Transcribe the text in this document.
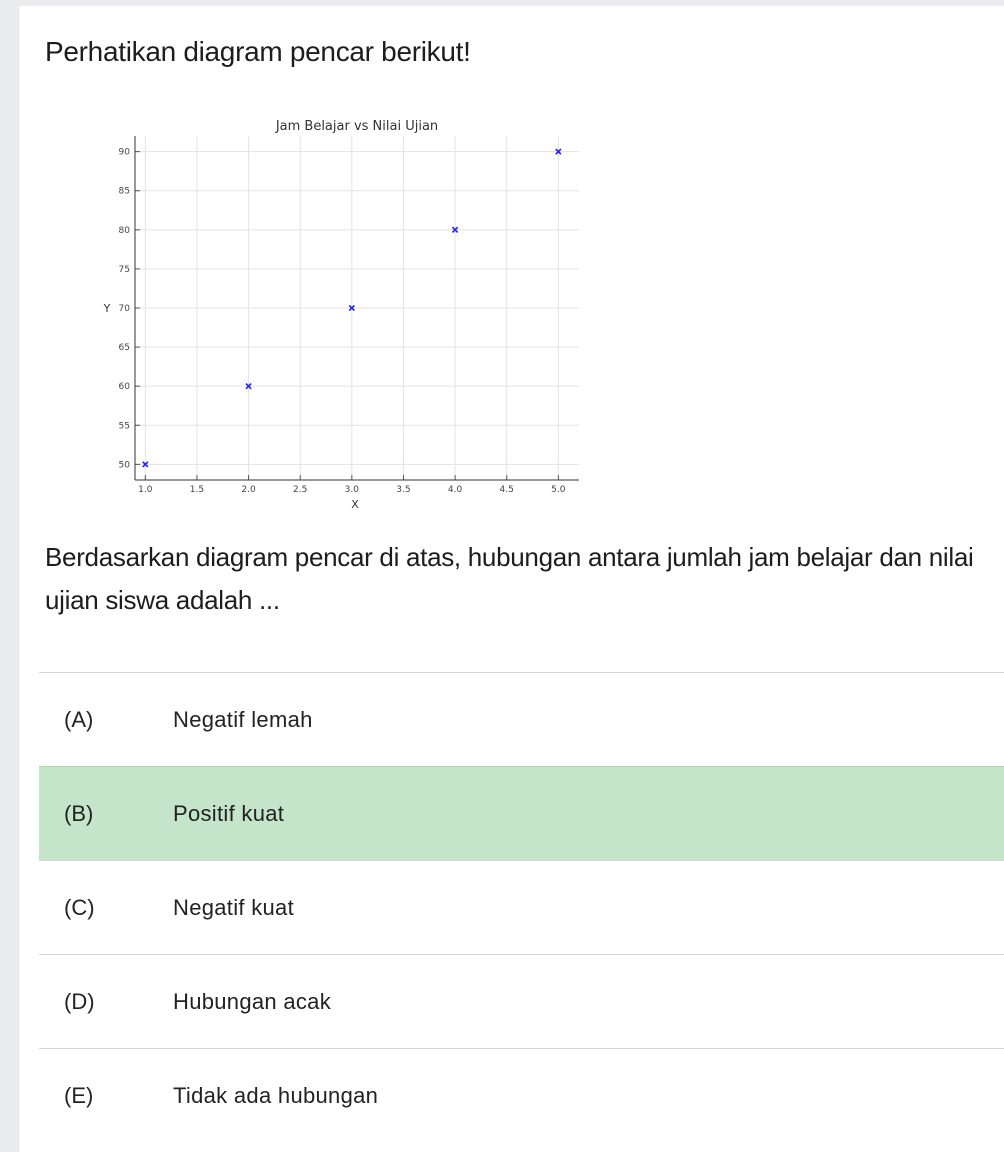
Perhatikan diagram pencar berikut!
Jam Belajar vs Nilai Ujian
1.0	1.5	2.0	2.5	3.0	3.5	4.0	4.5	5.0
50
55
60
65
70
75
80
85
90
X
Y
Berdasarkan diagram pencar di atas, hubungan antara jumlah jam belajar dan nilai ujian siswa adalah ...
(A)	Negatif lemah
(B)	Positif kuat
(C)	Negatif kuat
(D)	Hubungan acak
(E)	Tidak ada hubungan
